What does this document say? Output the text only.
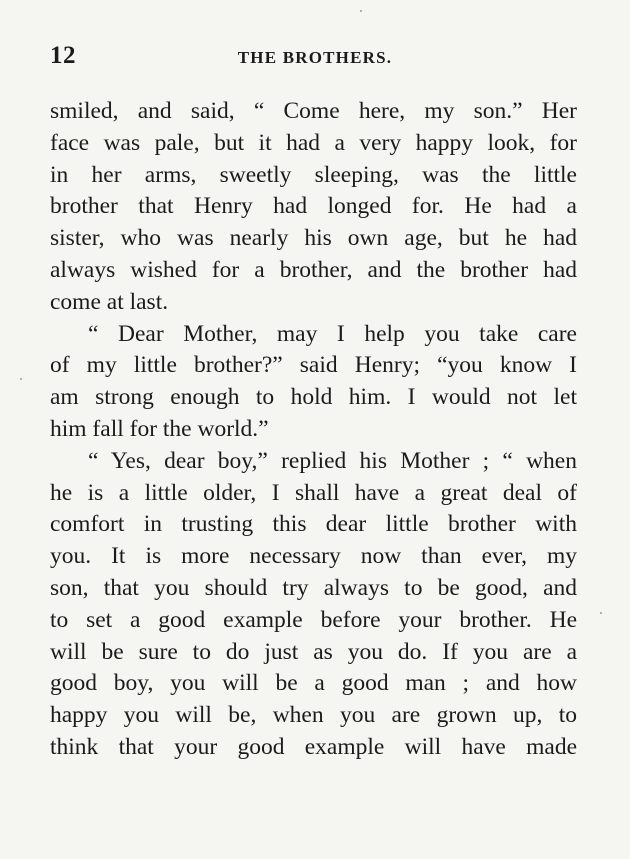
12	THE BROTHERS.
smiled, and said, “ Come here, my son.” Her
face was pale, but it had a very happy look, for
in her arms, sweetly sleeping, was the little
brother that Henry had longed for. He had a
sister, who was nearly his own age, but he had
always wished for a brother, and the brother had
come at last.
“ Dear Mother, may I help you take care
of my little brother?” said Henry; “you know I
am strong enough to hold him. I would not let
him fall for the world.”
“ Yes, dear boy,” replied his Mother ; “ when
he is a little older, I shall have a great deal of
comfort in trusting this dear little brother with
you. It is more necessary now than ever, my
son, that you should try always to be good, and
to set a good example before your brother. He
will be sure to do just as you do. If you are a
good boy, you will be a good man ; and how
happy you will be, when you are grown up, to
think that your good example will have made
